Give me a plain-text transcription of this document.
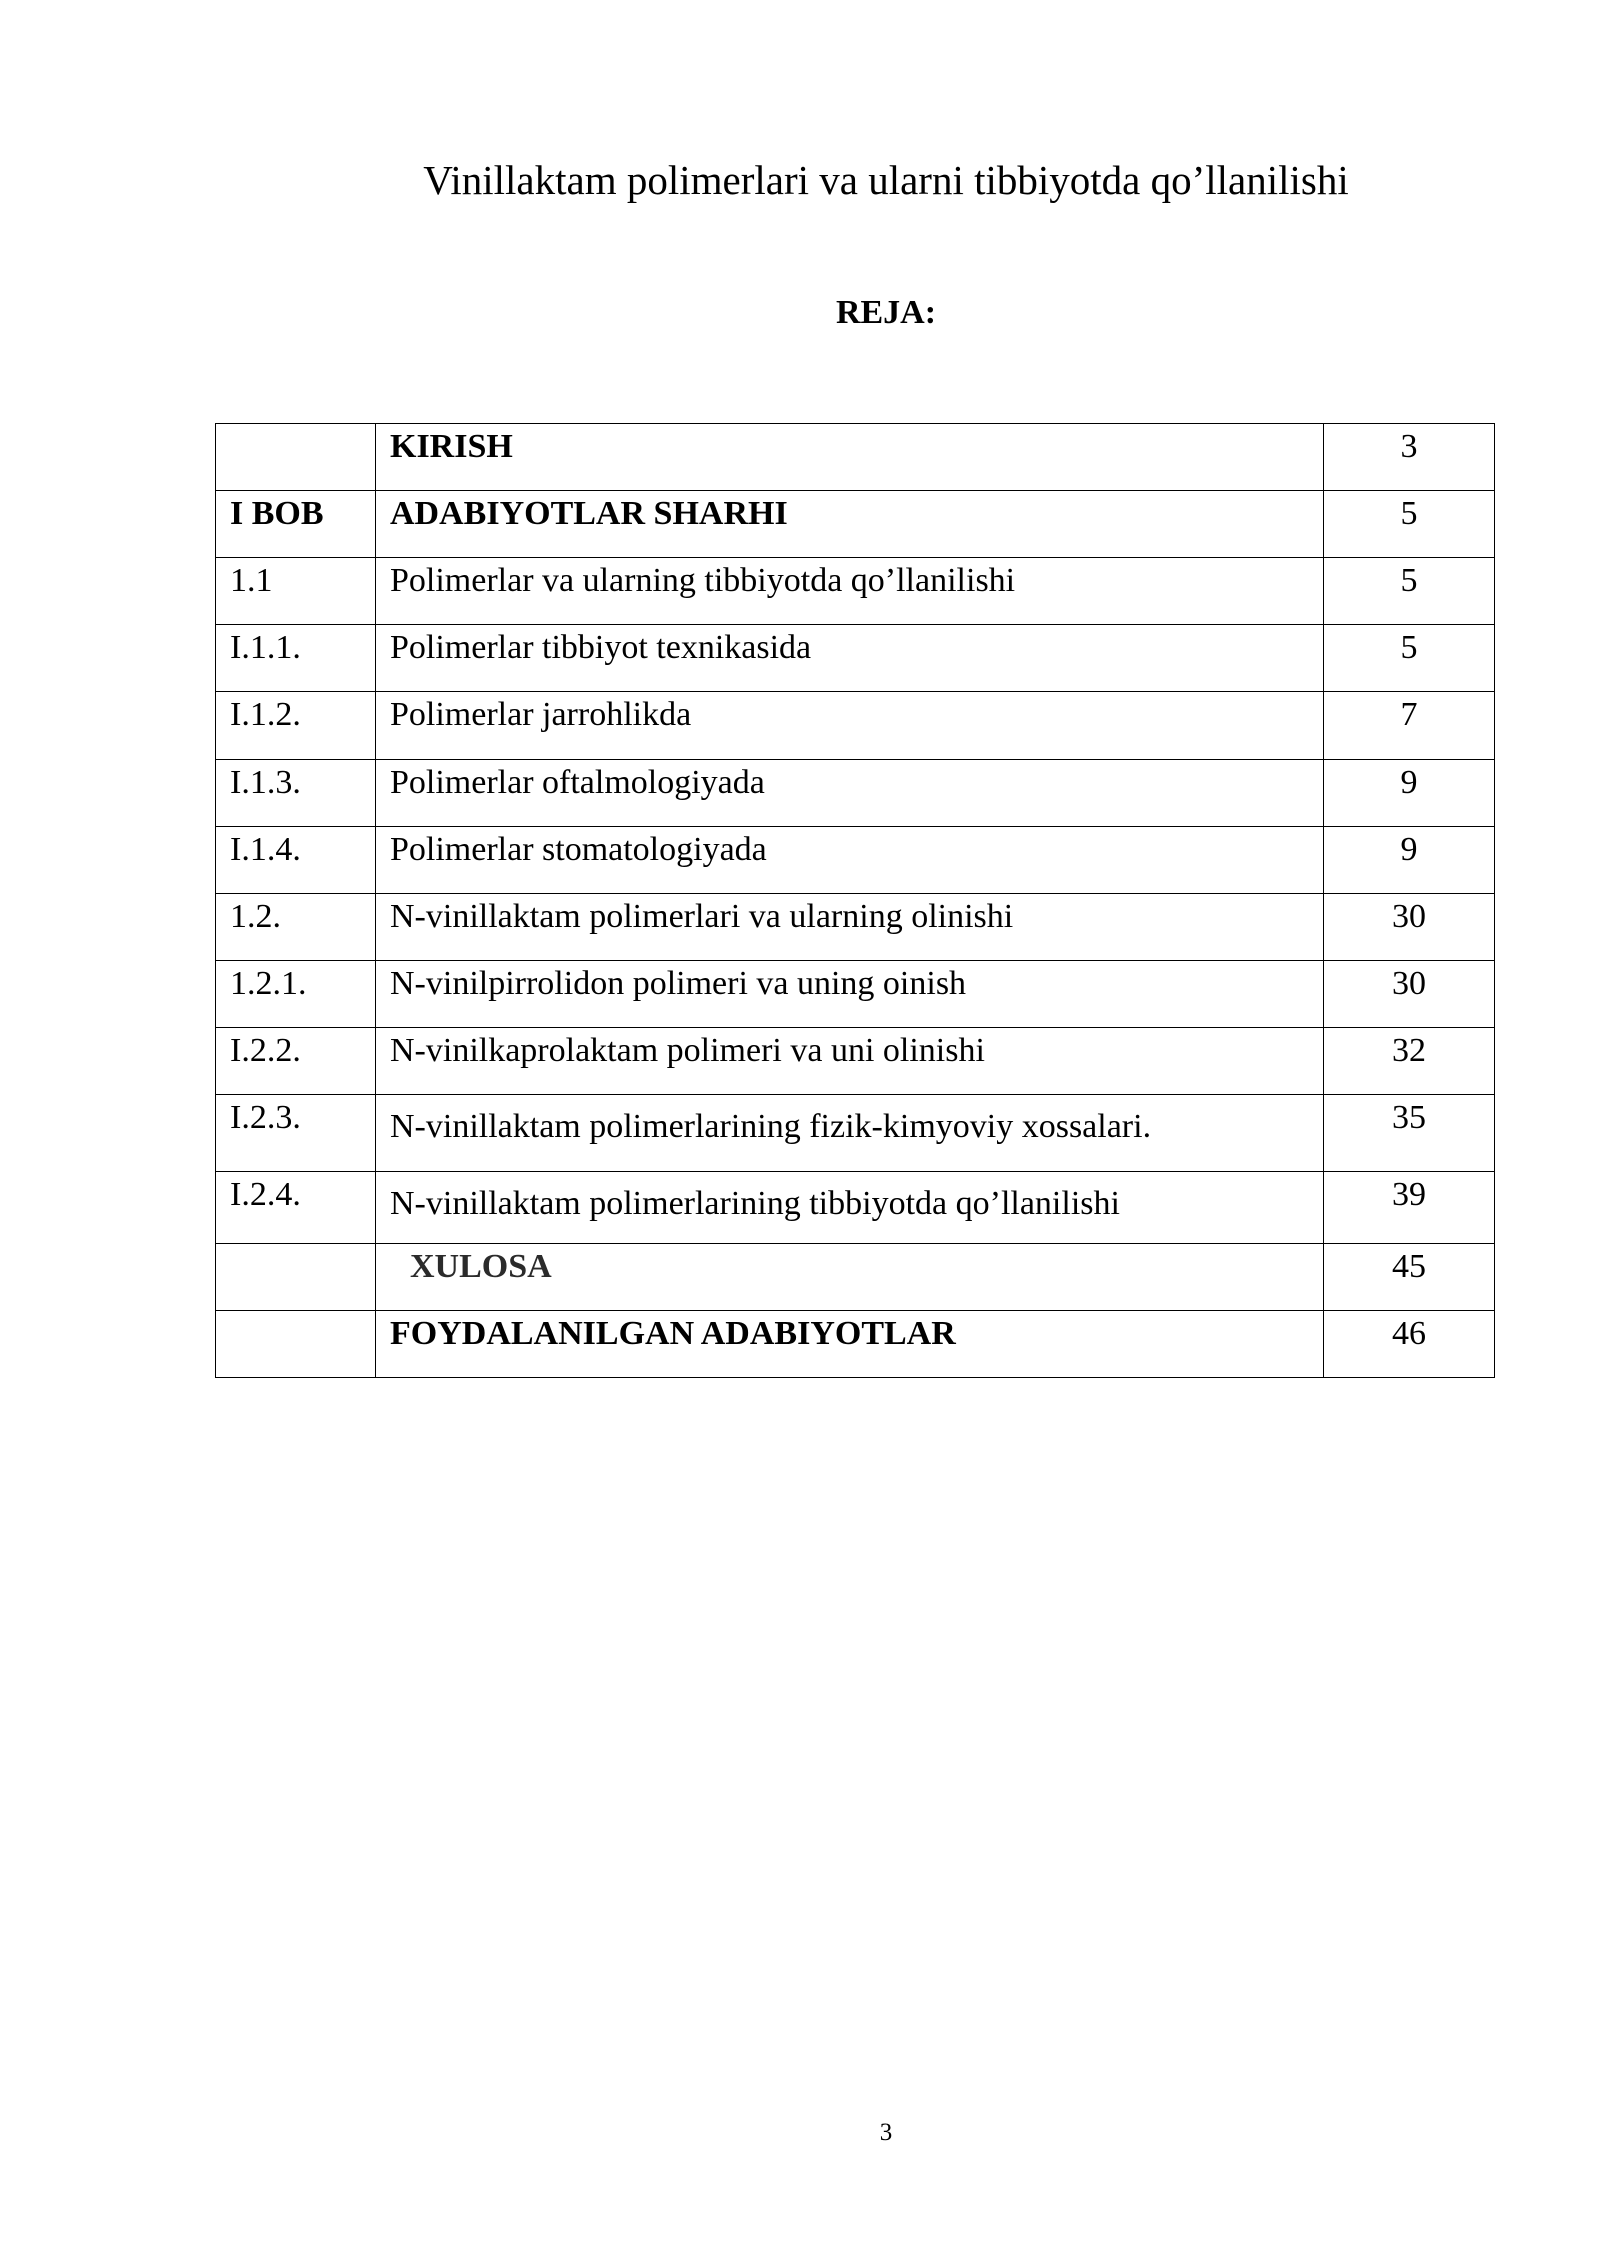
Vinillaktam polimerlari va ularni tibbiyotda qo’llanilishi
REJA:
	KIRISH	3
I BOB	ADABIYOTLAR SHARHI	5
1.1	Polimerlar va ularning tibbiyotda qo’llanilishi	5
I.1.1.	Polimerlar tibbiyot texnikasida	5
I.1.2.	Polimerlar jarrohlikda	7
I.1.3.	Polimerlar oftalmologiyada	9
I.1.4.	Polimerlar stomatologiyada	9
1.2.	N-vinillaktam polimerlari va ularning olinishi	30
1.2.1.	N-vinilpirrolidon polimeri va uning oinish	30
I.2.2.	N-vinilkaprolaktam polimeri va uni olinishi	32
I.2.3.	N-vinillaktam polimerlarining fizik-kimyoviy xossalari.	35
I.2.4.	N-vinillaktam polimerlarining tibbiyotda qo’llanilishi	39
	XULOSA	45
	FOYDALANILGAN ADABIYOTLAR	46
3
